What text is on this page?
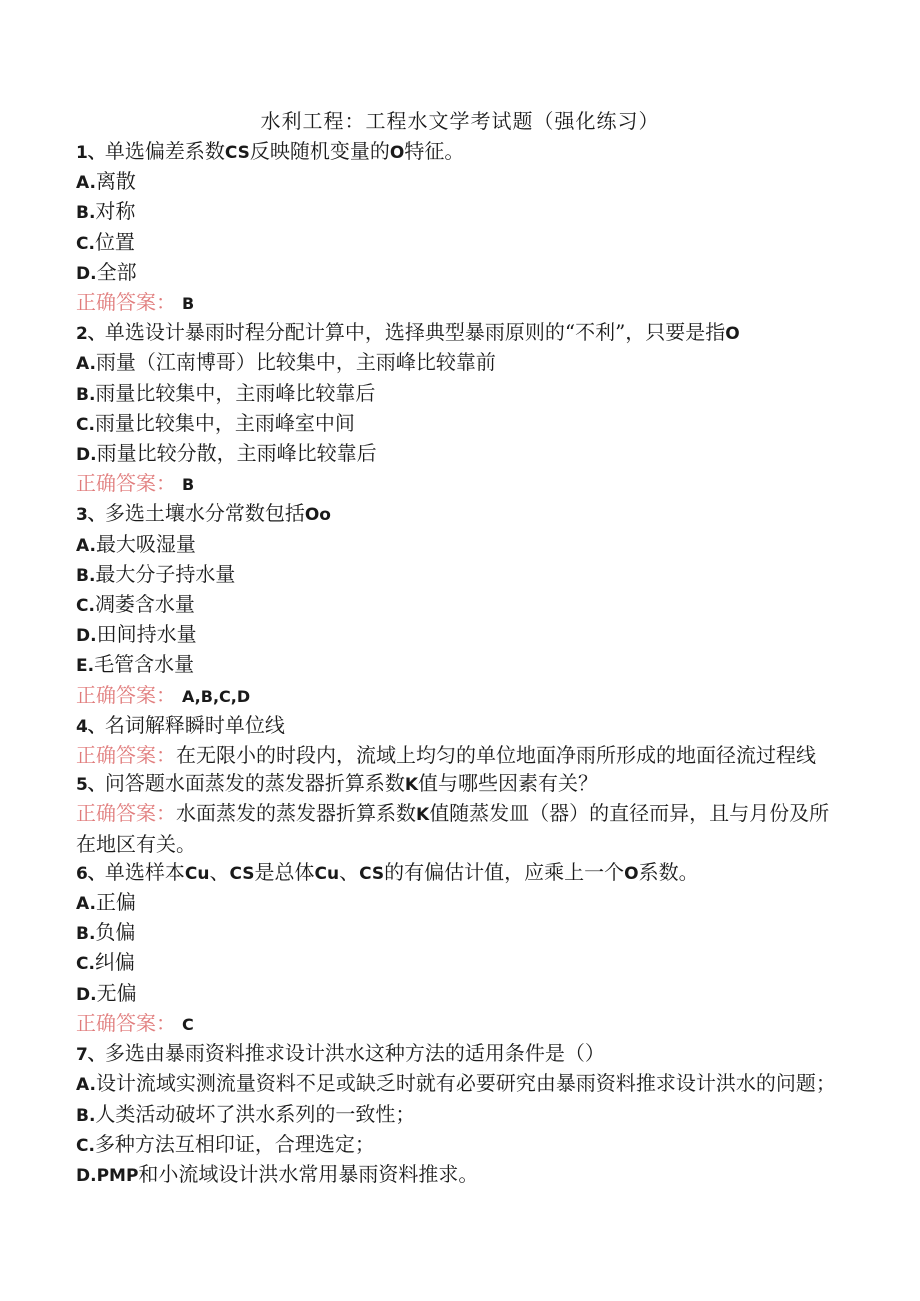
水利工程：工程水文学考试题（强化练习）
1、单选偏差系数CS反映随机变量的O特征。
A.离散
B.对称
C.位置
D.全部
正确答案： B
2、单选设计暴雨时程分配计算中，选择典型暴雨原则的“不利”，只要是指O
A.雨量（江南博哥）比较集中，主雨峰比较靠前
B.雨量比较集中，主雨峰比较靠后
C.雨量比较集中，主雨峰室中间
D.雨量比较分散，主雨峰比较靠后
正确答案： B
3、多选土壤水分常数包括Oo
A.最大吸湿量
B.最大分子持水量
C.凋萎含水量
D.田间持水量
E.毛管含水量
正确答案： A,B,C,D
4、名词解释瞬时单位线
正确答案：在无限小的时段内，流域上均匀的单位地面净雨所形成的地面径流过程线
5、问答题水面蒸发的蒸发器折算系数K值与哪些因素有关？
正确答案：水面蒸发的蒸发器折算系数K值随蒸发皿（器）的直径而异，且与月份及所在地区有关。
6、单选样本Cu、CS是总体Cu、CS的有偏估计值，应乘上一个O系数。
A.正偏
B.负偏
C.纠偏
D.无偏
正确答案： C
7、多选由暴雨资料推求设计洪水这种方法的适用条件是（）
A.设计流域实测流量资料不足或缺乏时就有必要研究由暴雨资料推求设计洪水的问题；
B.人类活动破坏了洪水系列的一致性；
C.多种方法互相印证，合理选定；
D.PMP和小流域设计洪水常用暴雨资料推求。
